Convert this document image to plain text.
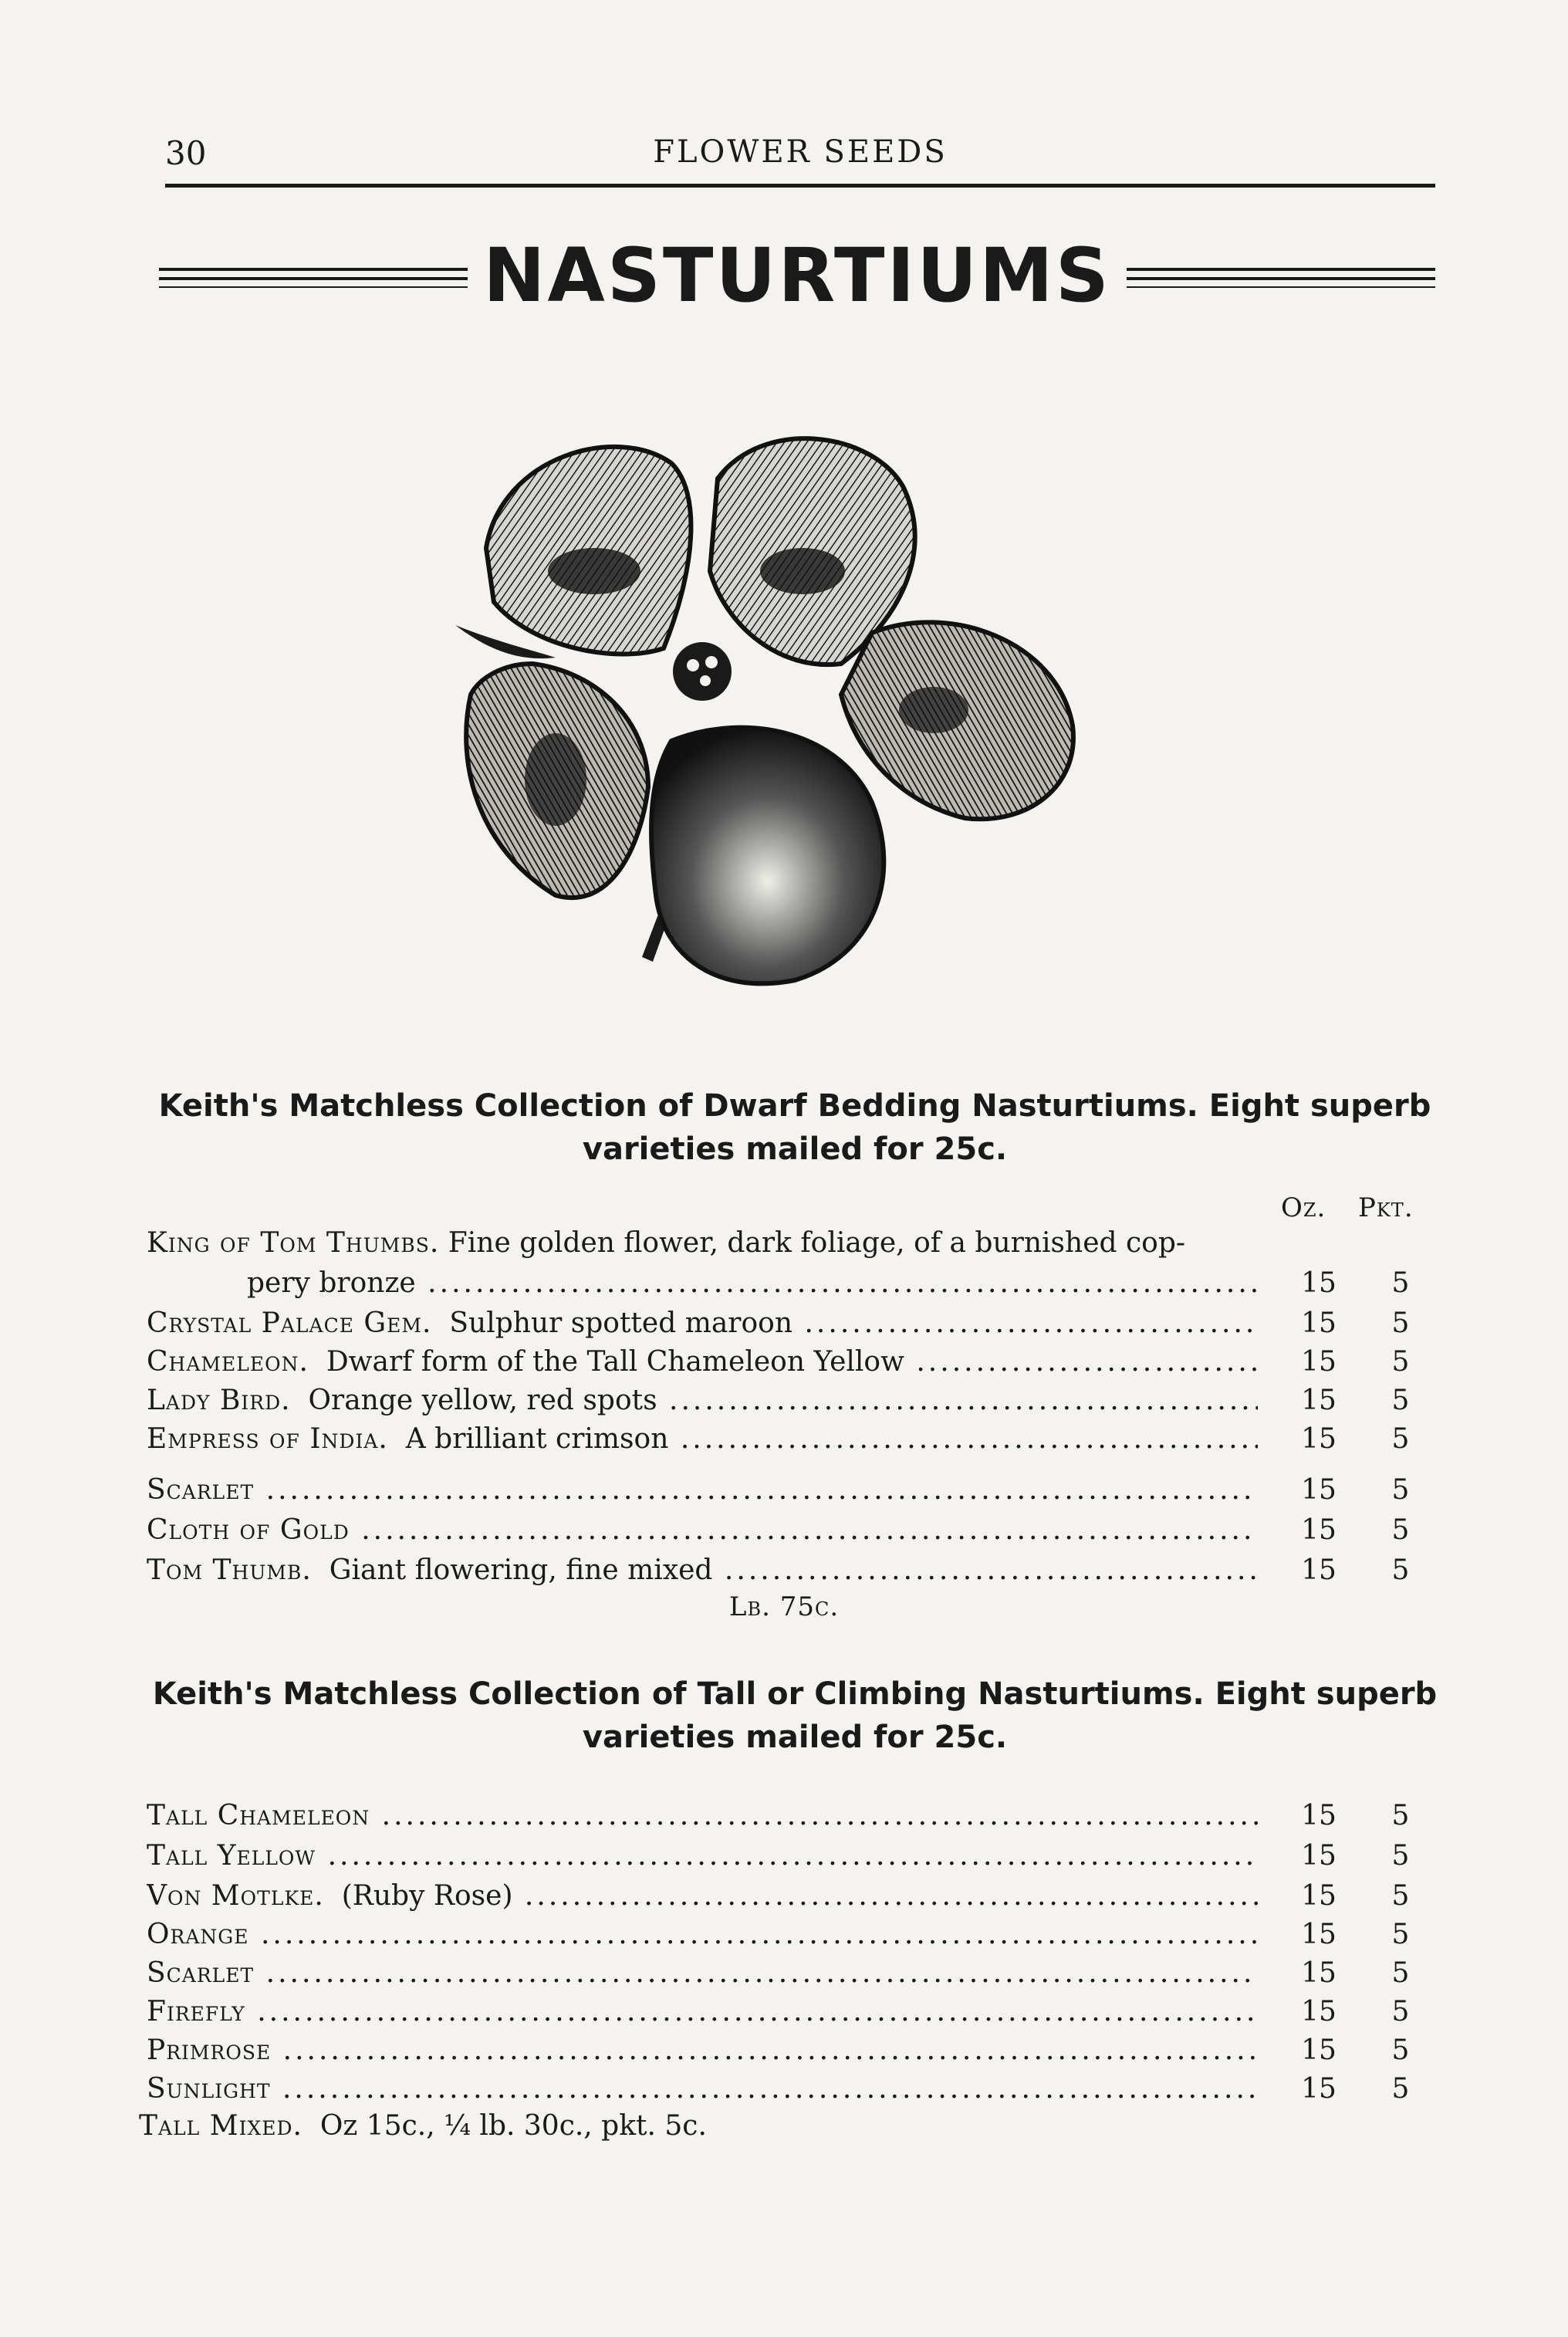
30	FLOWER SEEDS
NASTURTIUMS
Keith's Matchless Collection of Dwarf Bedding Nasturtiums. Eight superb
varieties mailed for 25c.
Oz. Pkt.
King of Tom Thumbs. Fine golden flower, dark foliage, of a burnished cop-
pery bronze .....	15	5
Crystal Palace Gem. Sulphur spotted maroon .....	15	5
Chameleon. Dwarf form of the Tall Chameleon Yellow .....	15	5
Lady Bird. Orange yellow, red spots .....	15	5
Empress of India. A brilliant crimson .....	15	5
Scarlet .....	15	5
Cloth of Gold .....	15	5
Tom Thumb. Giant flowering, fine mixed .....	15	5
Lb. 75c.
Keith's Matchless Collection of Tall or Climbing Nasturtiums. Eight superb
varieties mailed for 25c.
Tall Chameleon .....	15	5
Tall Yellow .....	15	5
Von Motlke. (Ruby Rose) .....	15	5
Orange .....	15	5
Scarlet .....	15	5
Firefly .....	15	5
Primrose .....	15	5
Sunlight .....	15	5
Tall Mixed. Oz 15c., ¼ lb. 30c., pkt. 5c.
